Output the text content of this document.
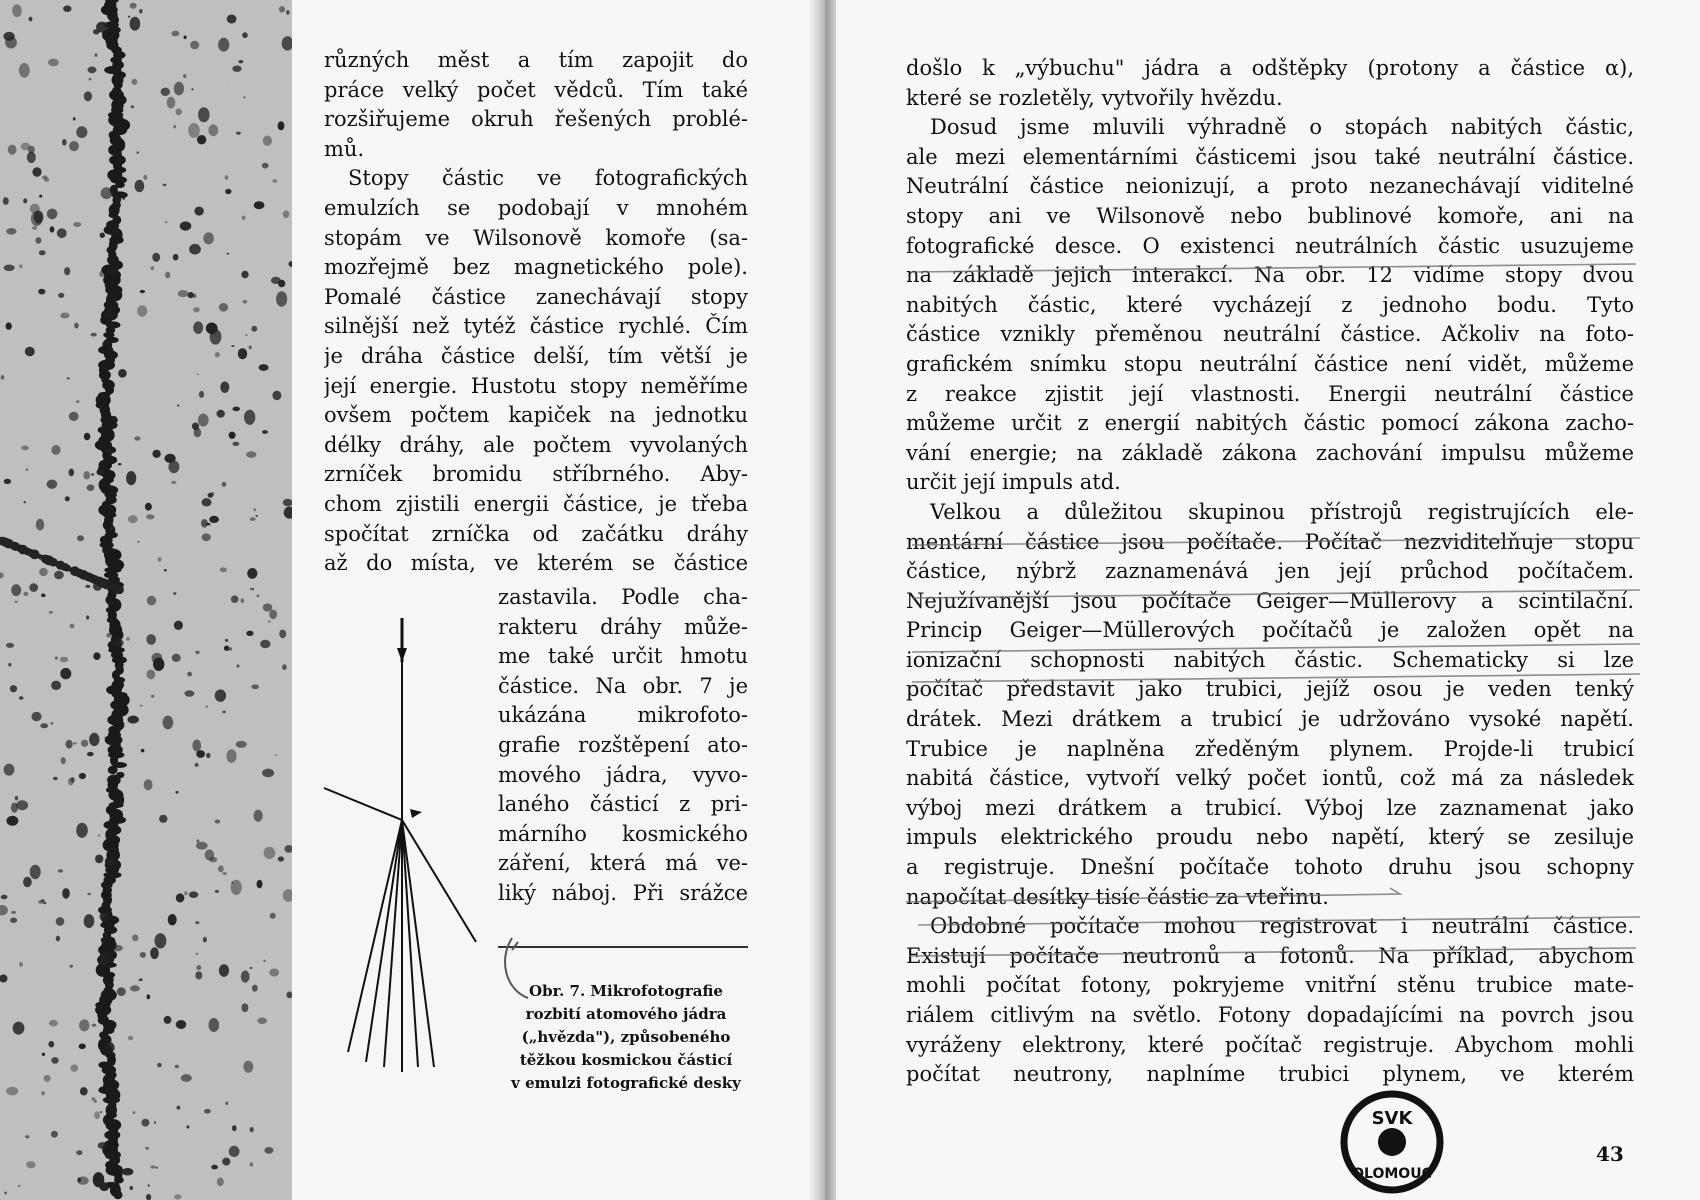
různých měst a tím zapojit do
práce velký počet vědců. Tím také
rozšiřujeme okruh řešených problé-
mů.
Stopy částic ve fotografických
emulzích se podobají v mnohém
stopám ve Wilsonově komoře (sa-
mozřejmě bez magnetického pole).
Pomalé částice zanechávají stopy
silnější než tytéž částice rychlé. Čím
je dráha částice delší, tím větší je
její energie. Hustotu stopy neměříme
ovšem počtem kapiček na jednotku
délky dráhy, ale počtem vyvolaných
zrníček bromidu stříbrného. Aby-
chom zjistili energii částice, je třeba
spočítat zrníčka od začátku dráhy
až do místa, ve kterém se částice
zastavila. Podle cha-
rakteru dráhy může-
me také určit hmotu
částice. Na obr. 7 je
ukázána mikrofoto-
grafie rozštěpení ato-
mového jádra, vyvo-
laného částicí z pri-
márního kosmického
záření, která má ve-
liký náboj. Při srážce
Obr. 7. Mikrofotografie
rozbití atomového jádra
(„hvězda"), způsobeného
těžkou kosmickou částicí
v emulzi fotografické desky
došlo k „výbuchu" jádra a odštěpky (protony a částice α),
které se rozletěly, vytvořily hvězdu.
Dosud jsme mluvili výhradně o stopách nabitých částic,
ale mezi elementárními částicemi jsou také neutrální částice.
Neutrální částice neionizují, a proto nezanechávají viditelné
stopy ani ve Wilsonově nebo bublinové komoře, ani na
fotografické desce. O existenci neutrálních částic usuzujeme
na základě jejich interakcí. Na obr. 12 vidíme stopy dvou
nabitých částic, které vycházejí z jednoho bodu. Tyto
částice vznikly přeměnou neutrální částice. Ačkoliv na foto-
grafickém snímku stopu neutrální částice není vidět, můžeme
z reakce zjistit její vlastnosti. Energii neutrální částice
můžeme určit z energií nabitých částic pomocí zákona zacho-
vání energie; na základě zákona zachování impulsu můžeme
určit její impuls atd.
Velkou a důležitou skupinou přístrojů registrujících ele-
mentární částice jsou počítače. Počítač nezviditelňuje stopu
částice, nýbrž zaznamenává jen její průchod počítačem.
Nejužívanější jsou počítače Geiger—Müllerovy a scintilační.
Princip Geiger—Müllerových počítačů je založen opět na
ionizační schopnosti nabitých částic. Schematicky si lze
počítač představit jako trubici, jejíž osou je veden tenký
drátek. Mezi drátkem a trubicí je udržováno vysoké napětí.
Trubice je naplněna zředěným plynem. Projde-li trubicí
nabitá částice, vytvoří velký počet iontů, což má za následek
výboj mezi drátkem a trubicí. Výboj lze zaznamenat jako
impuls elektrického proudu nebo napětí, který se zesiluje
a registruje. Dnešní počítače tohoto druhu jsou schopny
napočítat desítky tisíc částic za vteřinu.
Obdobné počítače mohou registrovat i neutrální částice.
Existují počítače neutronů a fotonů. Na příklad, abychom
mohli počítat fotony, pokryjeme vnitřní stěnu trubice mate-
riálem citlivým na světlo. Fotony dopadajícími na povrch jsou
vyráženy elektrony, které počítač registruje. Abychom mohli
počítat neutrony, naplníme trubici plynem, ve kterém
SVK
OLOMOUC
43
